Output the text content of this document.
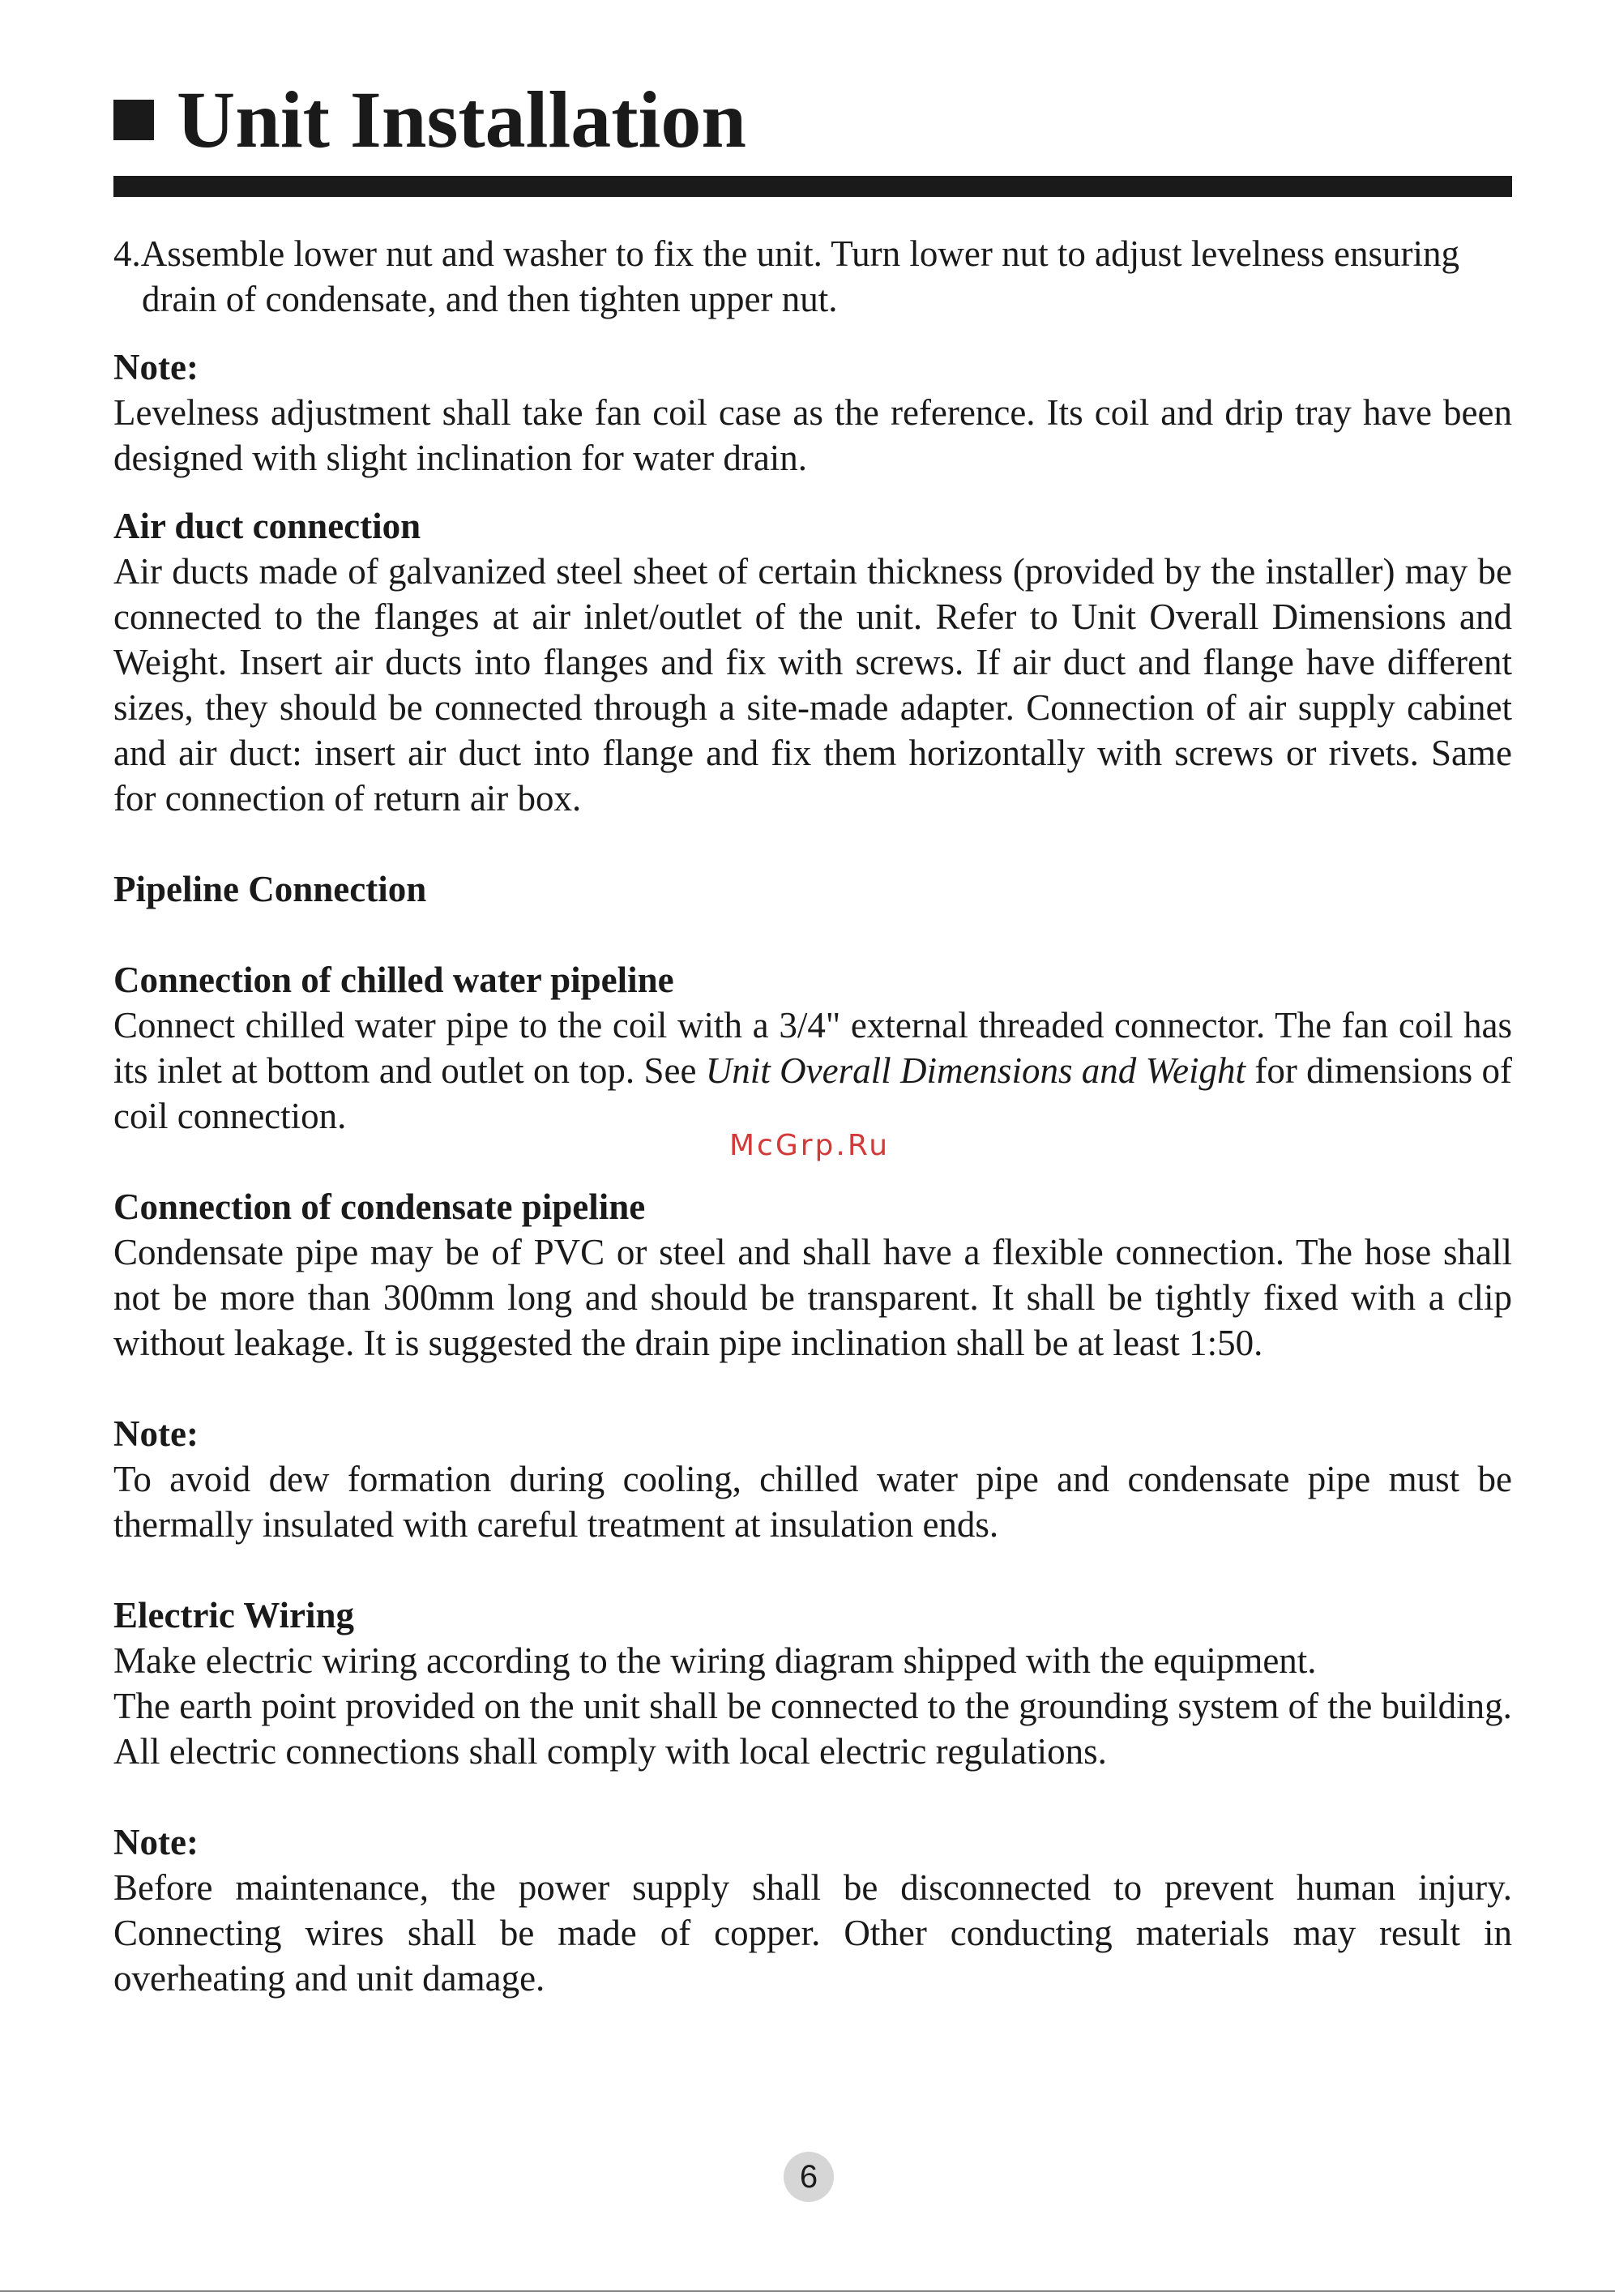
Unit Installation

4.Assemble lower nut and washer to fix the unit. Turn lower nut to adjust levelness ensuring

drain of condensate, and then tighten upper nut.

Note:

Levelness adjustment shall take fan coil case as the reference. Its coil and drip tray have been designed with slight inclination for water drain.

Air duct connection

Air ducts made of galvanized steel sheet of certain thickness (provided by the installer) may be connected to the flanges at air inlet/outlet of the unit. Refer to Unit Overall Dimensions and Weight. Insert air ducts into flanges and fix with screws. If air duct and flange have different sizes, they should be connected through a site-made adapter. Connection of air supply cabinet and air duct: insert air duct into flange and fix them horizontally with screws or rivets. Same for connection of return air box.

Pipeline Connection

Connection of chilled water pipeline

Connect chilled water pipe to the coil with a 3/4" external threaded connector. The fan coil has its inlet at bottom and outlet on top. See Unit Overall Dimensions and Weight for dimensions of coil connection.

Connection of condensate pipeline

Condensate pipe may be of PVC or steel and shall have a flexible connection. The hose shall not be more than 300mm long and should be transparent. It shall be tightly fixed with a clip without leakage. It is suggested the drain pipe inclination shall be at least 1:50.

Note:

To avoid dew formation during cooling, chilled water pipe and condensate pipe must be thermally insulated with careful treatment at insulation ends.

Electric Wiring

Make electric wiring according to the wiring diagram shipped with the equipment.

The earth point provided on the unit shall be connected to the grounding system of the building.

All electric connections shall comply with local electric regulations.

Note:

Before maintenance, the power supply shall be disconnected to prevent human injury. Connecting wires shall be made of copper. Other conducting materials may result in overheating and unit damage.

McGrp.Ru
6
